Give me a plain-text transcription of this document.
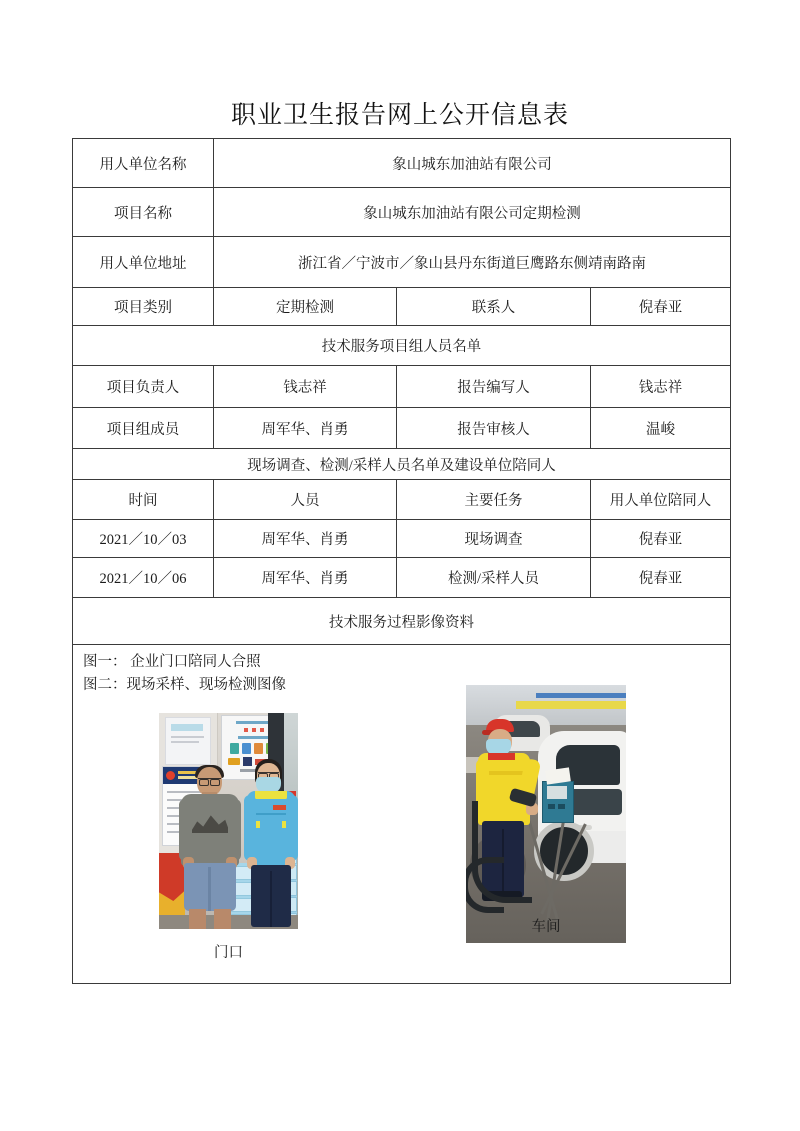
职业卫生报告网上公开信息表
用人单位名称	象山城东加油站有限公司		
项目名称	象山城东加油站有限公司定期检测		
用人单位地址	浙江省／宁波市／象山县丹东街道巨鹰路东侧靖南路南		
项目类别	定期检测	联系人	倪春亚
技术服务项目组人员名单			
项目负责人	钱志祥	报告编写人	钱志祥
项目组成员	周军华、肖勇	报告审核人	温峻
现场调查、检测/采样人员名单及建设单位陪同人			
时间	人员	主要任务	用人单位陪同人
2021／10／03	周军华、肖勇	现场调查	倪春亚
2021／10／06	周军华、肖勇	检测/采样人员	倪春亚
技术服务过程影像资料			

图一： 企业门口陪同人合照
图二：现场采样、现场检测图像
门口
车间			
